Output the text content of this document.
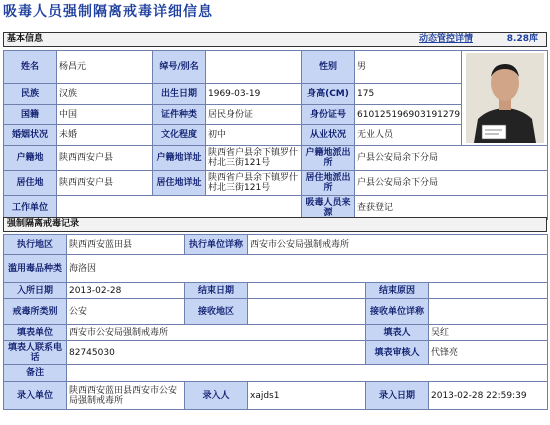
吸毒人员强制隔离戒毒详细信息
基本信息	动态管控详情	8.28库
姓名	杨昌元	绰号/别名		性别	男	

民族	汉族	出生日期	1969-03-19	身高(CM)	175	
国籍	中国	证件种类	居民身份证	身份证号	610125196903191279	
婚姻状况	未婚	文化程度	初中	从业状况	无业人员	
户籍地	陕西西安户县	户籍地详址	陕西省户县余下镇罗什村北三街121号	户籍地派出所	户县公安局余下分局	
居住地	陕西西安户县	居住地详址	陕西省户县余下镇罗什村北三街121号	居住地派出所	户县公安局余下分局	
工作单位				吸毒人员来源	查获登记	
强制隔离戒毒记录
执行地区	陕西西安蓝田县	执行单位详称	西安市公安局强制戒毒所		
滥用毒品种类	海洛因				
入所日期	2013-02-28	结束日期		结束原因	
戒毒所类别	公安	接收地区		接收单位详称	
填表单位	西安市公安局强制戒毒所			填表人	吴红
填表人联系电话	82745030			填表审核人	代锋亮
备注					
录入单位	陕西西安蓝田县西安市公安局强制戒毒所	录入人	xajds1	录入日期	2013-02-28 22:59:39
